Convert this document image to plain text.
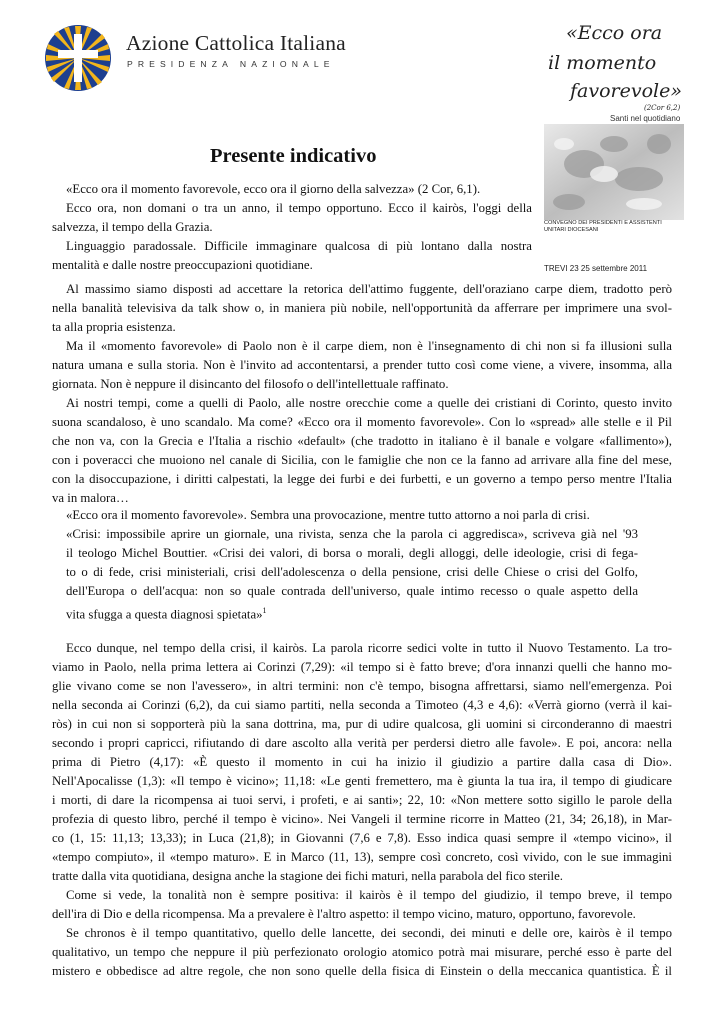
Azione Cattolica Italiana
PRESIDENZA NAZIONALE
«Ecco ora
il momento
favorevole»
(2Cor 6,2)
Santi nel quotidiano
CONVEGNO DEI PRESIDENTI E ASSISTENTI
UNITARI DIOCESANI
TREVI 23 25 settembre 2011
Presente indicativo
«Ecco ora il momento favorevole, ecco ora il giorno della salvezza» (2 Cor, 6,1).
Ecco ora, non domani o tra un anno, il tempo opportuno. Ecco il kairòs, l'oggi della
salvezza, il tempo della Grazia.
Linguaggio paradossale. Difficile immaginare qualcosa di più lontano dalla nostra
mentalità e dalle nostre preoccupazioni quotidiane.
Al massimo siamo disposti ad accettare la retorica dell'attimo fuggente, dell'oraziano carpe diem, tradotto però
nella banalità televisiva da talk show o, in maniera più nobile, nell'opportunità da afferrare per imprimere una svol-
ta alla propria esistenza.
Ma il «momento favorevole» di Paolo non è il carpe diem, non è l'insegnamento di chi non si fa illusioni sulla
natura umana e sulla storia. Non è l'invito ad accontentarsi, a prender tutto così come viene, a vivere, insomma, alla
giornata. Non è neppure il disincanto del filosofo o dell'intellettuale raffinato.
Ai nostri tempi, come a quelli di Paolo, alle nostre orecchie come a quelle dei cristiani di Corinto, questo invito
suona scandaloso, è uno scandalo. Ma come? «Ecco ora il momento favorevole». Con lo «spread» alle stelle e il Pil
che non va, con la Grecia e l'Italia a rischio «default» (che tradotto in italiano è il banale e volgare «fallimento»),
con i poveracci che muoiono nel canale di Sicilia, con le famiglie che non ce la fanno ad arrivare alla fine del mese,
con la disoccupazione, i diritti calpestati, la legge dei furbi e dei furbetti, e un governo a tempo perso mentre l'Italia
va in malora…
«Ecco ora il momento favorevole». Sembra una provocazione, mentre tutto attorno a noi parla di crisi.
«Crisi: impossibile aprire un giornale, una rivista, senza che la parola ci aggredisca», scriveva già nel '93
il teologo Michel Bouttier. «Crisi dei valori, di borsa o morali, degli alloggi, delle ideologie, crisi di fega-
to o di fede, crisi ministeriali, crisi dell'adolescenza o della pensione, crisi delle Chiese o crisi del Golfo,
dell'Europa o dell'acqua: non so quale contrada dell'universo, quale intimo recesso o quale aspetto della
vita sfugga a questa diagnosi spietata»$^1$
Ecco dunque, nel tempo della crisi, il kairòs. La parola ricorre sedici volte in tutto il Nuovo Testamento. La tro-
viamo in Paolo, nella prima lettera ai Corinzi (7,29): «il tempo si è fatto breve; d'ora innanzi quelli che hanno mo-
glie vivano come se non l'avessero», in altri termini: non c'è tempo, bisogna affrettarsi, siamo nell'emergenza. Poi
nella seconda ai Corinzi (6,2), da cui siamo partiti, nella seconda a Timoteo (4,3 e 4,6): «Verrà giorno (verrà il kai-
ròs) in cui non si sopporterà più la sana dottrina, ma, pur di udire qualcosa, gli uomini si circonderanno di maestri
secondo i propri capricci, rifiutando di dare ascolto alla verità per perdersi dietro alle favole». E poi, ancora: nella
prima di Pietro (4,17): «È questo il momento in cui ha inizio il giudizio a partire dalla casa di Dio».
Nell'Apocalisse (1,3): «Il tempo è vicino»; 11,18: «Le genti fremettero, ma è giunta la tua ira, il tempo di giudicare
i morti, di dare la ricompensa ai tuoi servi, i profeti, e ai santi»; 22, 10: «Non mettere sotto sigillo le parole della
profezia di questo libro, perché il tempo è vicino». Nei Vangeli il termine ricorre in Matteo (21, 34; 26,18), in Mar-
co (1, 15: 11,13; 13,33); in Luca (21,8); in Giovanni (7,6 e 7,8). Esso indica quasi sempre il «tempo vicino», il
«tempo compiuto», il «tempo maturo». E in Marco (11, 13), sempre così concreto, così vivido, con le sue immagini
tratte dalla vita quotidiana, designa anche la stagione dei fichi maturi, nella parabola del fico sterile.
Come si vede, la tonalità non è sempre positiva: il kairòs è il tempo del giudizio, il tempo breve, il tempo
dell'ira di Dio e della ricompensa. Ma a prevalere è l'altro aspetto: il tempo vicino, maturo, opportuno, favorevole.
Se chronos è il tempo quantitativo, quello delle lancette, dei secondi, dei minuti e delle ore, kairòs è il tempo
qualitativo, un tempo che neppure il più perfezionato orologio atomico potrà mai misurare, perché esso è parte del
mistero e obbedisce ad altre regole, che non sono quelle della fisica di Einstein o della meccanica quantistica. È il
